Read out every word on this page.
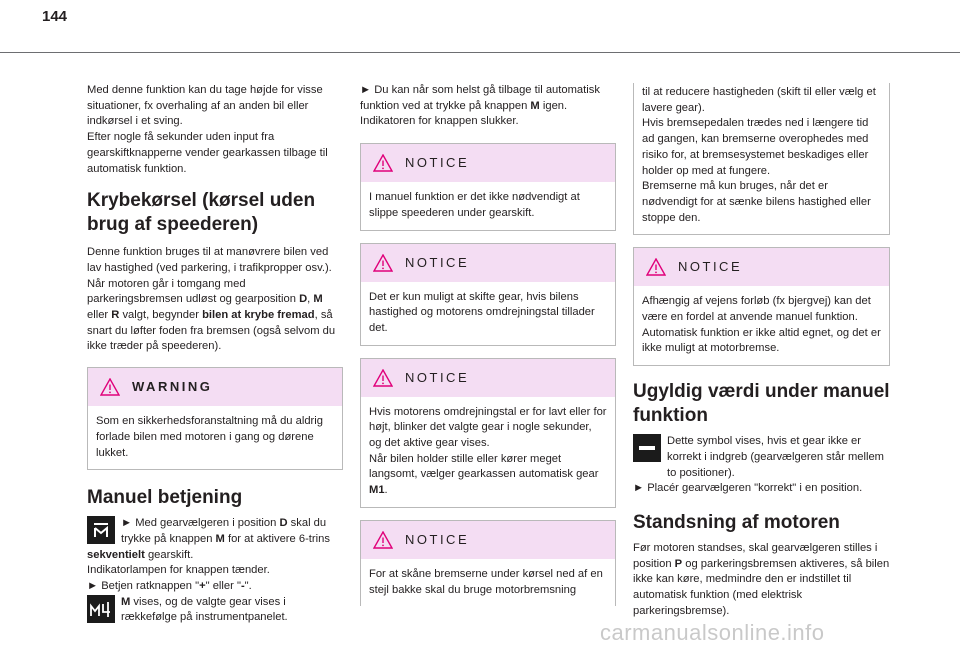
144

Med denne funktion kan du tage højde for visse situationer, fx overhaling af an anden bil eller indkørsel i et sving.
Efter nogle få sekunder uden input fra gearskiftknapperne vender gearkassen tilbage til automatisk funktion.

Krybekørsel (kørsel uden brug af speederen)

Denne funktion bruges til at manøvrere bilen ved lav hastighed (ved parkering, i trafikpropper osv.).
Når motoren går i tomgang med parkeringsbremsen udløst og gearposition D, M eller R valgt, begynder bilen at krybe fremad, så snart du løfter foden fra bremsen (også selvom du ikke træder på speederen).

WARNING

Som en sikkerhedsforanstaltning må du aldrig forlade bilen med motoren i gang og dørene lukket.

Manuel betjening

► Med gearvælgeren i position D skal du trykke på knappen M for at aktivere 6-trins

sekventielt gearskift.
Indikatorlampen for knappen tænder.

► Betjen ratknappen "+" eller "-".

M vises, og de valgte gear vises i rækkefølge på instrumentpanelet.

► Du kan når som helst gå tilbage til automatisk funktion ved at trykke på knappen M igen.
Indikatoren for knappen slukker.

NOTICE

I manuel funktion er det ikke nødvendigt at slippe speederen under gearskift.

NOTICE

Det er kun muligt at skifte gear, hvis bilens hastighed og motorens omdrejningstal tillader det.

NOTICE

Hvis motorens omdrejningstal er for lavt eller for højt, blinker det valgte gear i nogle sekunder, og det aktive gear vises.
Når bilen holder stille eller kører meget langsomt, vælger gearkassen automatisk gear M1.

NOTICE

For at skåne bremserne under kørsel ned af en stejl bakke skal du bruge motorbremsning

til at reducere hastigheden (skift til eller vælg et lavere gear).
Hvis bremsepedalen trædes ned i længere tid ad gangen, kan bremserne overophedes med risiko for, at bremsesystemet beskadiges eller holder op med at fungere.
Bremserne må kun bruges, når det er nødvendigt for at sænke bilens hastighed eller stoppe den.

NOTICE

Afhængig af vejens forløb (fx bjergvej) kan det være en fordel at anvende manuel funktion.
Automatisk funktion er ikke altid egnet, og det er ikke muligt at motorbremse.

Ugyldig værdi under manuel funktion

Dette symbol vises, hvis et gear ikke er korrekt i indgreb (gearvælgeren står mellem to positioner).

► Placér gearvælgeren "korrekt" i en position.

Standsning af motoren

Før motoren standses, skal gearvælgeren stilles i position P og parkeringsbremsen aktiveres, så bilen ikke kan køre, medmindre den er indstillet til automatisk funktion (med elektrisk parkeringsbremse).

carmanualsonline.info
